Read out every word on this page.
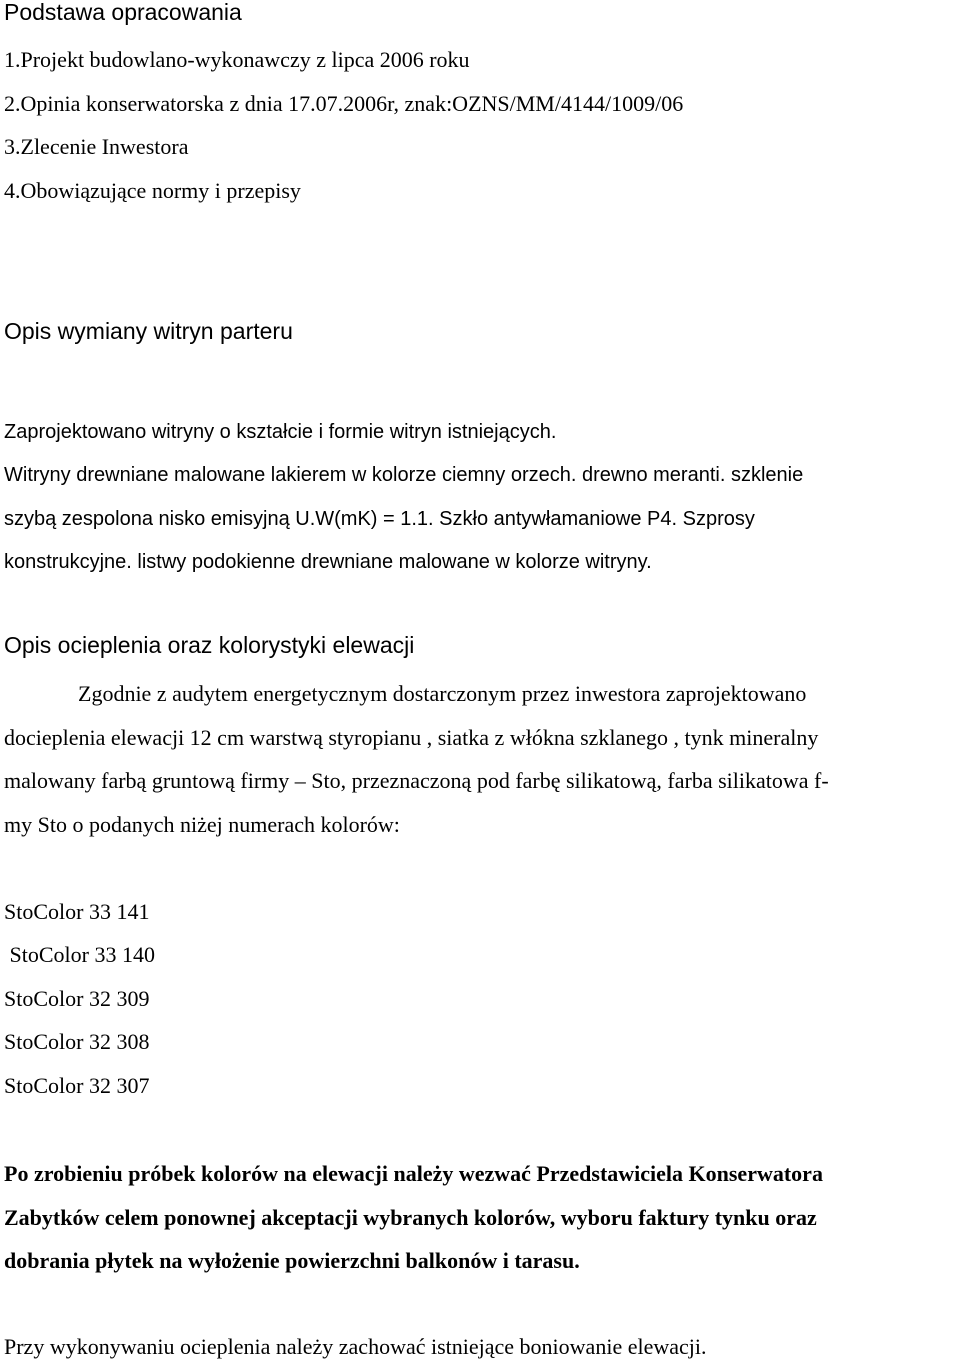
Podstawa opracowania

1.Projekt budowlano-wykonawczy z lipca 2006 roku

2.Opinia konserwatorska z dnia 17.07.2006r, znak:OZNS/MM/4144/1009/06

3.Zlecenie Inwestora

4.Obowiązujące normy i przepisy

Opis wymiany witryn parteru

Zaprojektowano witryny o kształcie i formie witryn istniejących.

Witryny drewniane malowane lakierem w kolorze ciemny orzech. drewno meranti. szklenie

szybą zespolona nisko emisyjną U.W(mK) = 1.1. Szkło antywłamaniowe P4. Szprosy

konstrukcyjne. listwy podokienne drewniane malowane w kolorze witryny.

Opis ocieplenia oraz kolorystyki elewacji

Zgodnie z audytem energetycznym dostarczonym przez inwestora zaprojektowano

docieplenia elewacji 12 cm warstwą styropianu , siatka z włókna szklanego , tynk mineralny

malowany farbą gruntową firmy – Sto, przeznaczoną pod farbę silikatową, farba silikatowa f-

my Sto o podanych niżej numerach kolorów:

StoColor 33 141

StoColor 33 140

StoColor 32 309

StoColor 32 308

StoColor 32 307

Po zrobieniu próbek kolorów na elewacji należy wezwać Przedstawiciela Konserwatora

Zabytków celem ponownej akceptacji wybranych kolorów, wyboru faktury tynku oraz

dobrania płytek na wyłożenie powierzchni balkonów i tarasu.

Przy wykonywaniu ocieplenia należy zachować istniejące boniowanie elewacji.
